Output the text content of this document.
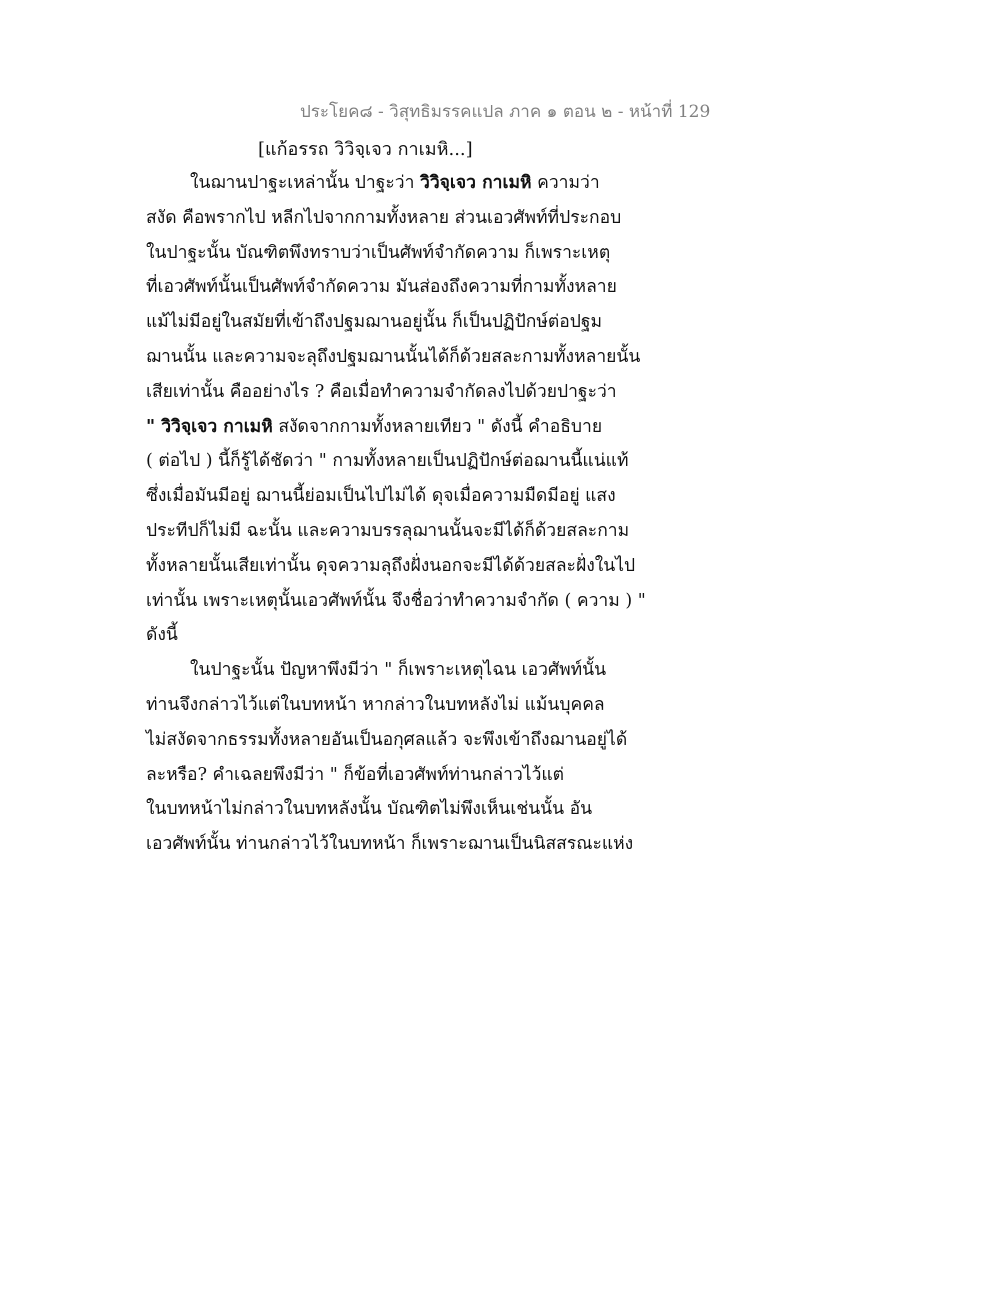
ประโยค๘ - วิสุทธิมรรคแปล ภาค ๑ ตอน ๒ - หน้าที่ 129
[แก้อรรถ วิวิจฺเจว กาเมหิ...]
ในฌานปาฐะเหล่านั้น ปาฐะว่า วิวิจฺเจว กาเมหิ ความว่า
สงัด คือพรากไป หลีกไปจากกามทั้งหลาย ส่วนเอวศัพท์ที่ประกอบ
ในปาฐะนั้น บัณฑิตพึงทราบว่าเป็นศัพท์จำกัดความ ก็เพราะเหตุ
ที่เอวศัพท์นั้นเป็นศัพท์จำกัดความ มันส่องถึงความที่กามทั้งหลาย
แม้ไม่มีอยู่ในสมัยที่เข้าถึงปฐมฌานอยู่นั้น ก็เป็นปฏิปักษ์ต่อปฐม
ฌานนั้น และความจะลุถึงปฐมฌานนั้นได้ก็ด้วยสละกามทั้งหลายนั้น
เสียเท่านั้น คืออย่างไร ? คือเมื่อทำความจำกัดลงไปด้วยปาฐะว่า
" วิวิจฺเจว กาเมหิ สงัดจากกามทั้งหลายเทียว " ดังนี้ คำอธิบาย
( ต่อไป ) นี้ก็รู้ได้ชัดว่า " กามทั้งหลายเป็นปฏิปักษ์ต่อฌานนี้แน่แท้
ซึ่งเมื่อมันมีอยู่ ฌานนี้ย่อมเป็นไปไม่ได้ ดุจเมื่อความมืดมีอยู่ แสง
ประทีปก็ไม่มี ฉะนั้น และความบรรลุฌานนั้นจะมีได้ก็ด้วยสละกาม
ทั้งหลายนั้นเสียเท่านั้น ดุจความลุถึงฝั่งนอกจะมีได้ด้วยสละฝั่งในไป
เท่านั้น เพราะเหตุนั้นเอวศัพท์นั้น จึงชื่อว่าทำความจำกัด ( ความ ) "
ดังนี้
ในปาฐะนั้น ปัญหาพึงมีว่า " ก็เพราะเหตุไฉน เอวศัพท์นั้น
ท่านจึงกล่าวไว้แต่ในบทหน้า หากล่าวในบทหลังไม่ แม้นบุคคล
ไม่สงัดจากธรรมทั้งหลายอันเป็นอกุศลแล้ว จะพึงเข้าถึงฌานอยู่ได้
ละหรือ? คำเฉลยพึงมีว่า " ก็ข้อที่เอวศัพท์ท่านกล่าวไว้แต่
ในบทหน้าไม่กล่าวในบทหลังนั้น บัณฑิตไม่พึงเห็นเช่นนั้น อัน
เอวศัพท์นั้น ท่านกล่าวไว้ในบทหน้า ก็เพราะฌานเป็นนิสสรณะแห่ง
